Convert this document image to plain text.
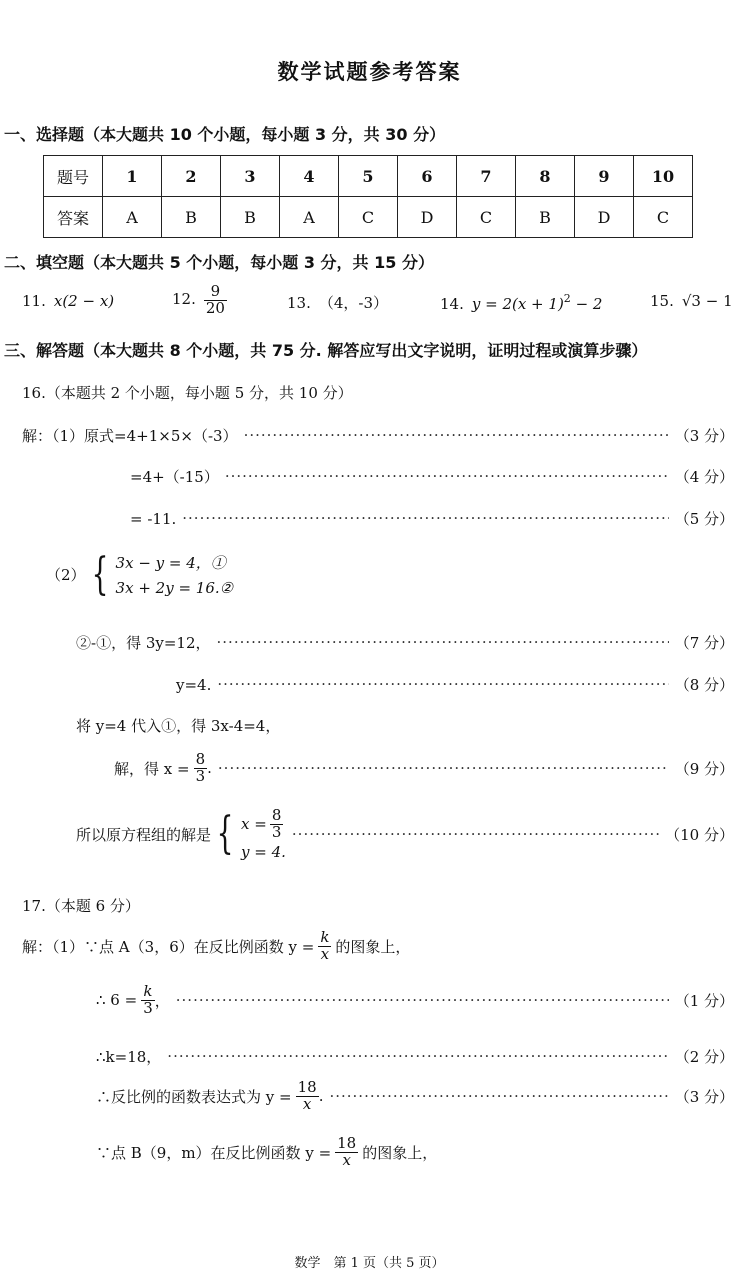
数学试题参考答案
一、选择题（本大题共 10 个小题，每小题 3 分，共 30 分）
题号	1	2	3	4	5	6	7	8	9	10
答案	A	B	B	A	C	D	C	B	D	C
二、填空题（本大题共 5 个小题，每小题 3 分，共 15 分）
11. x(2 − x)	12. $\frac{9}{20}$	13. （4，-3）	14. $y = 2(x + 1)^2 - 2$	15. √3 − 1
三、解答题（本大题共 8 个小题，共 75 分. 解答应写出文字说明，证明过程或演算步骤）
16.（本题共 2 个小题，每小题 5 分，共 10 分）
解：（1）原式=4+1×5×（-3） ·····	（3 分）
=4+（-15） ·····	（4 分）
= -11. ·····	（5 分）
（2） { 3x − y = 4，①
3x + 2y = 16.②
②-①，得 3y=12， ·····	（7 分）
y=4. ·····	（8 分）
将 y=4 代入①，得 3x-4=4，
解，得 $x = \frac{8}{3}$ . ·····	（9 分）
所以原方程组的解是 { $x = \frac{8}{3}$
y = 4.
·····
（10 分）
17.（本题 6 分）
解：（1）∵点 A（3，6）在反比例函数 $y = \frac{k}{x}$ 的图象上，
∴ $6 = \frac{k}{3}$ ， ·····	（1 分）
∴k=18， ·····	（2 分）
∴反比例的函数表达式为 $y = \frac{18}{x}$ . ·····	（3 分）
∵点 B（9，m）在反比例函数 $y = \frac{18}{x}$ 的图象上，
数学　第 1 页（共 5 页）
